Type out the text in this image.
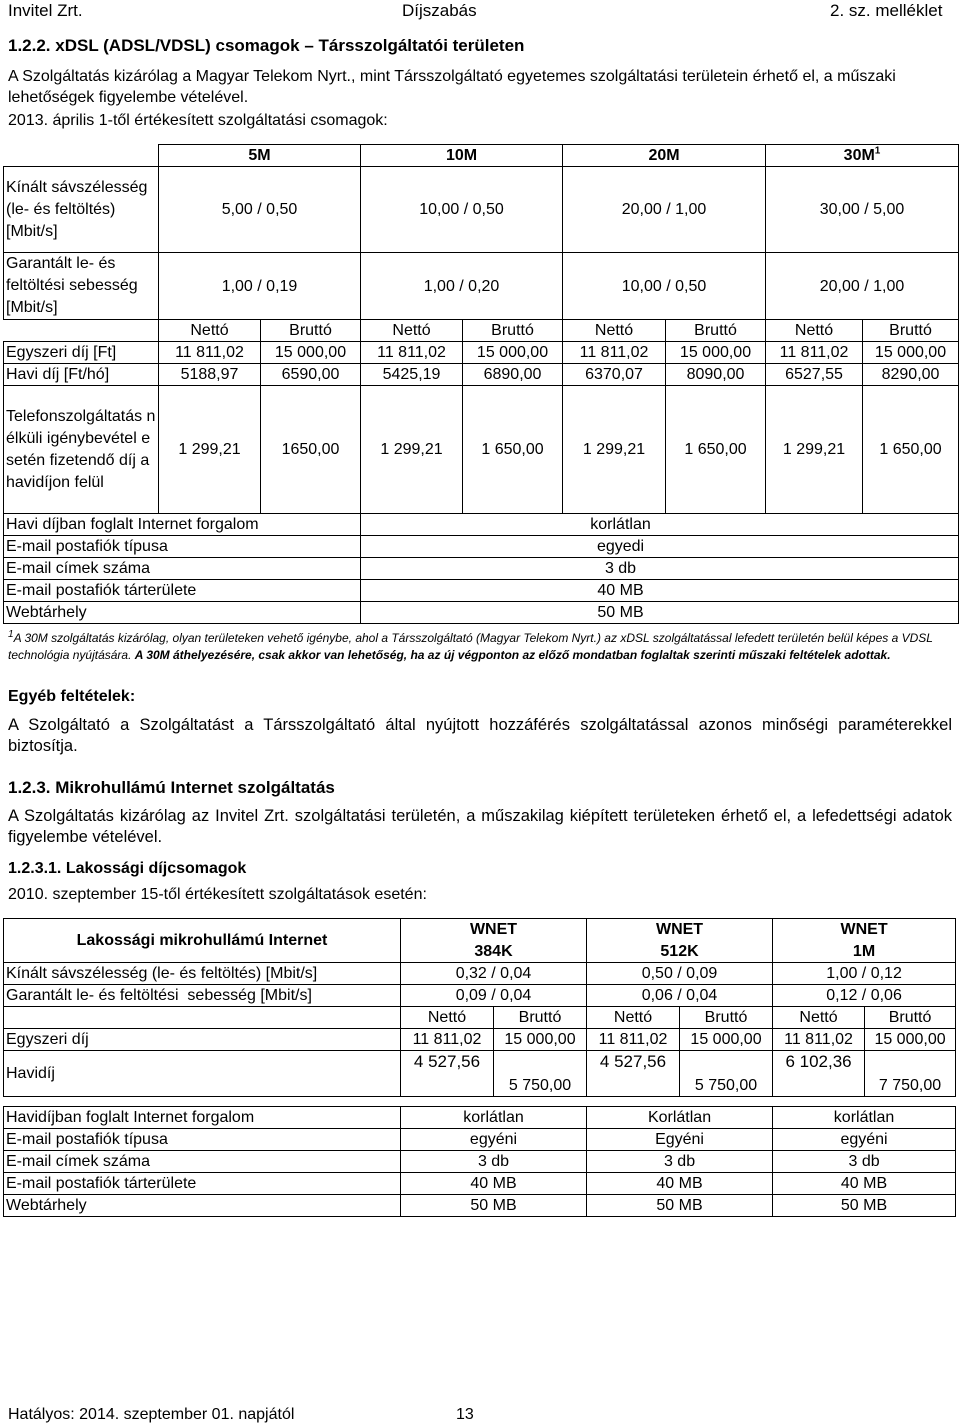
Invitel Zrt.	Díjszabás	2. sz. melléklet
1.2.2. xDSL (ADSL/VDSL) csomagok – Társszolgáltatói területen
A Szolgáltatás kizárólag a Magyar Telekom Nyrt., mint Társszolgáltató egyetemes szolgáltatási területein érhető el, a műszaki lehetőségek figyelembe vételével.
2013. április 1-től értékesített szolgáltatási csomagok:
	5M		10M		20M		$30M^1$
Kínált sávszélesség (le- és feltöltés) [Mbit/s]	5,00 / 0,50		10,00 / 0,50		20,00 / 1,00		30,00 / 5,00	
Garantált le- és feltöltési sebesség [Mbit/s]	1,00 / 0,19		1,00 / 0,20		10,00 / 0,50		20,00 / 1,00	
	Nettó	Bruttó	Nettó	Bruttó	Nettó	Bruttó	Nettó	Bruttó
Egyszeri díj [Ft]	11 811,02	15 000,00	11 811,02	15 000,00	11 811,02	15 000,00	11 811,02	15 000,00
Havi díj [Ft/hó]	5188,97	6590,00	5425,19	6890,00	6370,07	8090,00	6527,55	8290,00
Telefonszolgáltatás nélküli igénybevétel esetén fizetendő díj a havidíjon felül	1 299,21	1650,00	1 299,21	1 650,00	1 299,21	1 650,00	1 299,21	1 650,00
Havi díjban foglalt Internet forgalom			korlátlan					
E-mail postafiók típusa			egyedi					
E-mail címek száma			3 db					
E-mail postafiók tárterülete			40 MB					
Webtárhely			50 MB					
$^1$A 30M szolgáltatás kizárólag, olyan területeken vehető igénybe, ahol a Társszolgáltató (Magyar Telekom Nyrt.) az xDSL szolgáltatással lefedett területén belül képes a VDSL technológia nyújtására. A 30M áthelyezésére, csak akkor van lehetőség, ha az új végponton az előző mondatban foglaltak szerinti műszaki feltételek adottak.
Egyéb feltételek:
A Szolgáltató a Szolgáltatást a Társszolgáltató által nyújtott hozzáférés szolgáltatással azonos minőségi paraméterekkel biztosítja.
1.2.3. Mikrohullámú Internet szolgáltatás
A Szolgáltatás kizárólag az Invitel Zrt. szolgáltatási területén, a műszakilag kiépített területeken érhető el, a lefedettségi adatok figyelembe vételével.
1.2.3.1. Lakossági díjcsomagok
2010. szeptember 15-től értékesített szolgáltatások esetén:
Lakossági mikrohullámú Internet	WNET		WNET		WNET	
	384K		512K		1M	
Kínált sávszélesség (le- és feltöltés) [Mbit/s]	0,32 / 0,04		0,50 / 0,09		1,00 / 0,12	
Garantált le- és feltöltési  sebesség [Mbit/s]	0,09 / 0,04		0,06 / 0,04		0,12 / 0,06	
	Nettó	Bruttó	Nettó	Bruttó	Nettó	Bruttó
Egyszeri díj	11 811,02	15 000,00	11 811,02	15 000,00	11 811,02	15 000,00
Havidíj	4 527,56	5 750,00	4 527,56	5 750,00	6 102,36	7 750,00

Havidíjban foglalt Internet forgalom	korlátlan		Korlátlan		korlátlan	
E-mail postafiók típusa	egyéni		Egyéni		egyéni	
E-mail címek száma	3 db		3 db		3 db	
E-mail postafiók tárterülete	40 MB		40 MB		40 MB	
Webtárhely	50 MB		50 MB		50 MB	
Hatályos: 2014. szeptember 01. napjától	13
